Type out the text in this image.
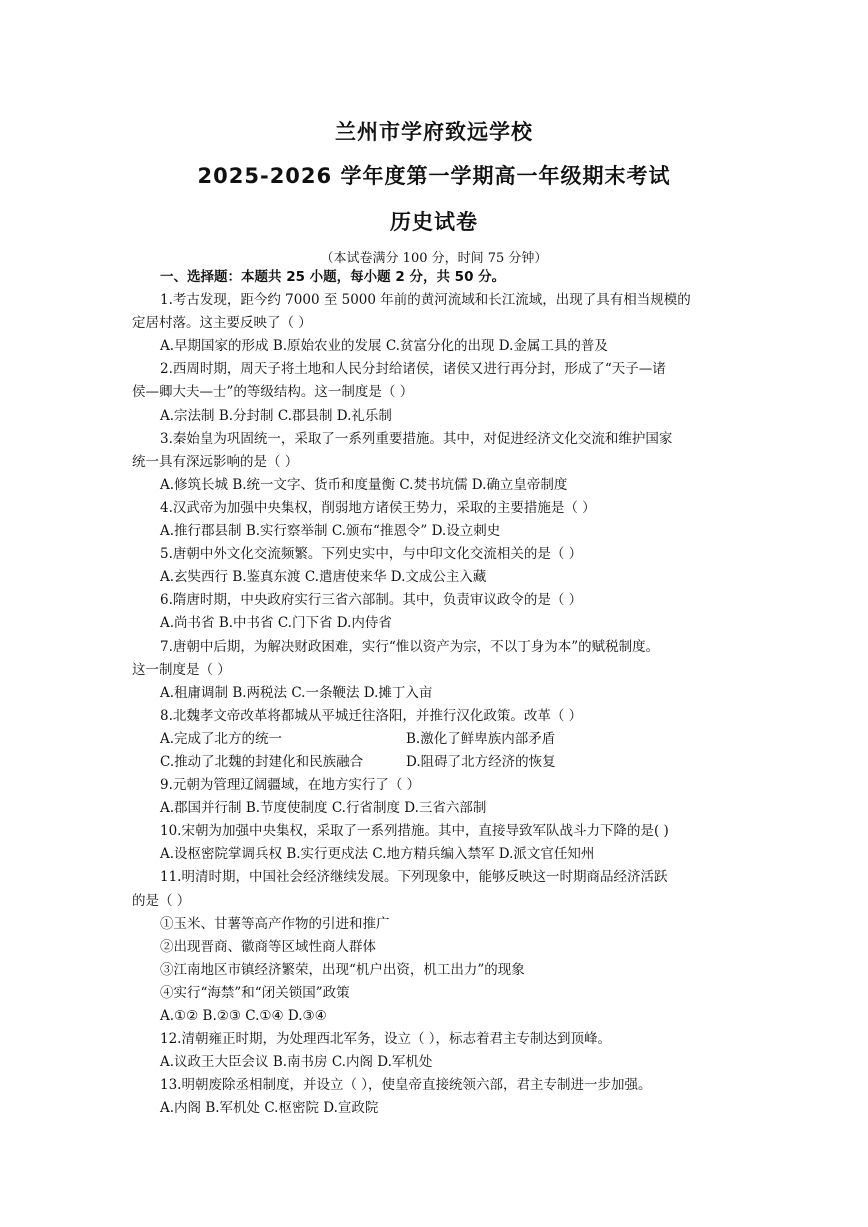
兰州市学府致远学校
2025-2026 学年度第一学期高一年级期末考试
历史试卷
（本试卷满分 100 分，时间 75 分钟）
一、选择题：本题共 25 小题，每小题 2 分，共 50 分。
1.考古发现，距今约 7000 至 5000 年前的黄河流域和长江流域，出现了具有相当规模的
定居村落。这主要反映了（ ）
A.早期国家的形成 B.原始农业的发展 C.贫富分化的出现 D.金属工具的普及
2.西周时期，周天子将土地和人民分封给诸侯，诸侯又进行再分封，形成了“天子—诸
侯—卿大夫—士”的等级结构。这一制度是（ ）
A.宗法制 B.分封制 C.郡县制 D.礼乐制
3.秦始皇为巩固统一，采取了一系列重要措施。其中，对促进经济文化交流和维护国家
统一具有深远影响的是（ ）
A.修筑长城 B.统一文字、货币和度量衡 C.焚书坑儒 D.确立皇帝制度
4.汉武帝为加强中央集权，削弱地方诸侯王势力，采取的主要措施是（ ）
A.推行郡县制 B.实行察举制 C.颁布“推恩令” D.设立刺史
5.唐朝中外文化交流频繁。下列史实中，与中印文化交流相关的是（ ）
A.玄奘西行 B.鉴真东渡 C.遣唐使来华 D.文成公主入藏
6.隋唐时期，中央政府实行三省六部制。其中，负责审议政令的是（ ）
A.尚书省 B.中书省 C.门下省 D.内侍省
7.唐朝中后期，为解决财政困难，实行“惟以资产为宗，不以丁身为本”的赋税制度。
这一制度是（ ）
A.租庸调制 B.两税法 C.一条鞭法 D.摊丁入亩
8.北魏孝文帝改革将都城从平城迁往洛阳，并推行汉化政策。改革（ ）
A.完成了北方的统一	B.激化了鲜卑族内部矛盾
C.推动了北魏的封建化和民族融合	D.阻碍了北方经济的恢复
9.元朝为管理辽阔疆域，在地方实行了（ ）
A.郡国并行制 B.节度使制度 C.行省制度 D.三省六部制
10.宋朝为加强中央集权，采取了一系列措施。其中，直接导致军队战斗力下降的是( )
A.设枢密院掌调兵权 B.实行更戍法 C.地方精兵编入禁军 D.派文官任知州
11.明清时期，中国社会经济继续发展。下列现象中，能够反映这一时期商品经济活跃
的是（ ）
①玉米、甘薯等高产作物的引进和推广
②出现晋商、徽商等区域性商人群体
③江南地区市镇经济繁荣，出现“机户出资，机工出力”的现象
④实行“海禁”和“闭关锁国”政策
A.①② B.②③ C.①④ D.③④
12.清朝雍正时期，为处理西北军务，设立（ ），标志着君主专制达到顶峰。
A.议政王大臣会议 B.南书房 C.内阁 D.军机处
13.明朝废除丞相制度，并设立（ ），使皇帝直接统领六部，君主专制进一步加强。
A.内阁 B.军机处 C.枢密院 D.宣政院
